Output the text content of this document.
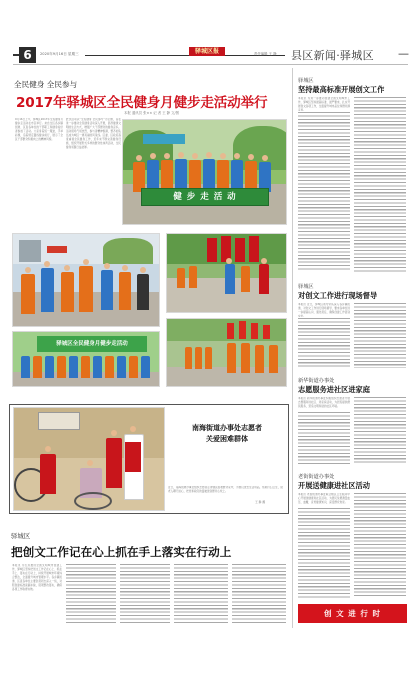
6	2020年9月16日 星期三	驿城区报	责任编辑 王 静 县区新闻·驿城区 —
全民健身 全民参与
2017年驿城区全民健身月健步走活动举行
本报 通讯员 张×× 记 者 王 静 文/图
9月16日上午，驿城区2017年全民健身月健步走活动在市区举行。来自全区各乡镇街道、区直各单位的干部职工和健身爱好者参加了活动。大家身着统一服装，手举彩旗，沿着规定路线健步前行，展示了全区干部群众积极向上的精神风貌。
此次活动以“全民健身 全民参与”为主题，旨在进一步推动全民健身活动深入开展，倡导健康文明的生活方式，增强广大干部群众的健身意识。活动现场气氛热烈，参与者精神饱满，整齐的队伍成为城区一道亮丽的风景线。区委、区政府高度重视全民健身工作，近年来不断完善健身设施，组织开展形式多样的群众性体育活动，全民健身氛围日益浓厚。
健 步 走 活 动
驿城区全民健身月健步走活动
南海街道办事处志愿者
关爱困难群体
近日，南海街道办事处组织志愿者走进辖区困难群众家中，为他们送去生活用品，帮助打扫卫生，陪老人聊天谈心，把党和政府的温暖送到群众心坎上。
王 静 摄
驿城区
把创文工作记在心上抓在手上落实在行动上
本报讯 为扎实推进全国文明城市创建工作，驿城区坚持把创文工作记在心上、抓在手上、落实在行动上，持续开展城市环境综合整治，全面提升城市管理水平。各乡镇街道、区直各单位主要负责同志深入一线，对照创建标准查漏补缺，逐项整改落实，确保各项工作取得实效。
驿城区
坚持最高标准开展创文工作
本报讯 为进一步推动创建全国文明城市工作，驿城区坚持最高标准、最严要求，扎实开展创文各项工作，全面提升城市品位和群众满意度。
驿城区
对创文工作进行现场督导
本报讯 近日，驿城区领导带队深入各乡镇街道，对创文工作进行现场督导，要求各单位进一步提高认识、强化责任，确保创建工作落到实处。
新华街道办事处
志愿服务进社区进家庭
本报讯 新华街道办事处积极组织志愿者开展志愿服务进社区、进家庭活动，为居民提供便民服务，营造文明和谐的社区环境。
老街街道办事处
开展送健康进社区活动
本报讯 老街街道办事处联合辖区卫生服务中心开展送健康进社区活动，为居民免费测量血压、血糖，宣传健康知识，深受群众欢迎。
创 文 进 行 时
